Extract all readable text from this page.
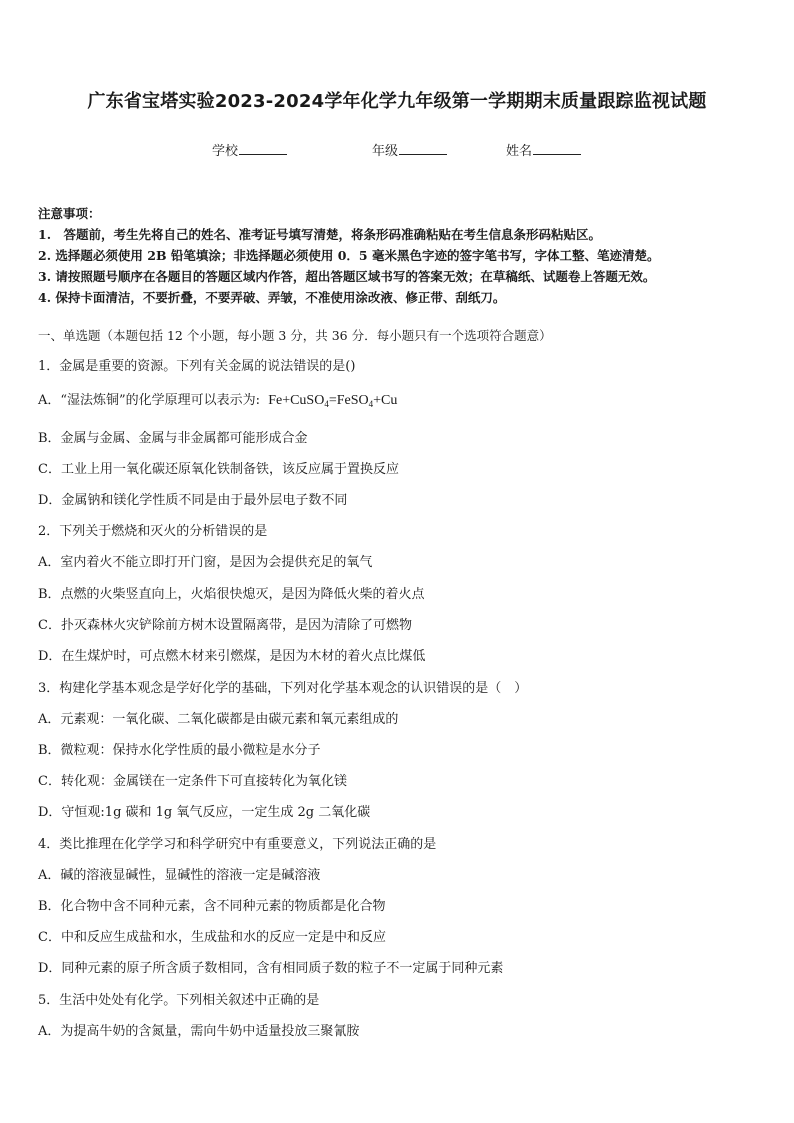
广东省宝塔实验2023-2024学年化学九年级第一学期期末质量跟踪监视试题
学校	年级	姓名
注意事项：
1.　答题前，考生先将自己的姓名、准考证号填写清楚，将条形码准确粘贴在考生信息条形码粘贴区。
2. 选择题必须使用 2B 铅笔填涂；非选择题必须使用 0．5 毫米黑色字迹的签字笔书写，字体工整、笔迹清楚。
3. 请按照题号顺序在各题目的答题区域内作答，超出答题区域书写的答案无效；在草稿纸、试题卷上答题无效。
4. 保持卡面清洁，不要折叠，不要弄破、弄皱，不准使用涂改液、修正带、刮纸刀。
一、单选题（本题包括 12 个小题，每小题 3 分，共 36 分．每小题只有一个选项符合题意）
1．金属是重要的资源。下列有关金属的说法错误的是()
A．“湿法炼铜”的化学原理可以表示为: Fe+CuSO$_4$=FeSO$_4$+Cu
B．金属与金属、金属与非金属都可能形成合金
C．工业上用一氧化碳还原氧化铁制备铁，该反应属于置换反应
D．金属钠和镁化学性质不同是由于最外层电子数不同
2．下列关于燃烧和灭火的分析错误的是
A．室内着火不能立即打开门窗，是因为会提供充足的氧气
B．点燃的火柴竖直向上，火焰很快熄灭，是因为降低火柴的着火点
C．扑灭森林火灾铲除前方树木设置隔离带，是因为清除了可燃物
D．在生煤炉时，可点燃木材来引燃煤，是因为木材的着火点比煤低
3．构建化学基本观念是学好化学的基础，下列对化学基本观念的认识错误的是（　）
A．元素观：一氧化碳、二氧化碳都是由碳元素和氧元素组成的
B．微粒观：保持水化学性质的最小微粒是水分子
C．转化观：金属镁在一定条件下可直接转化为氧化镁
D．守恒观:1g 碳和 1g 氧气反应，一定生成 2g 二氧化碳
4．类比推理在化学学习和科学研究中有重要意义，下列说法正确的是
A．碱的溶液显碱性，显碱性的溶液一定是碱溶液
B．化合物中含不同种元素，含不同种元素的物质都是化合物
C．中和反应生成盐和水，生成盐和水的反应一定是中和反应
D．同种元素的原子所含质子数相同，含有相同质子数的粒子不一定属于同种元素
5．生活中处处有化学。下列相关叙述中正确的是
A．为提高牛奶的含氮量，需向牛奶中适量投放三聚氰胺
